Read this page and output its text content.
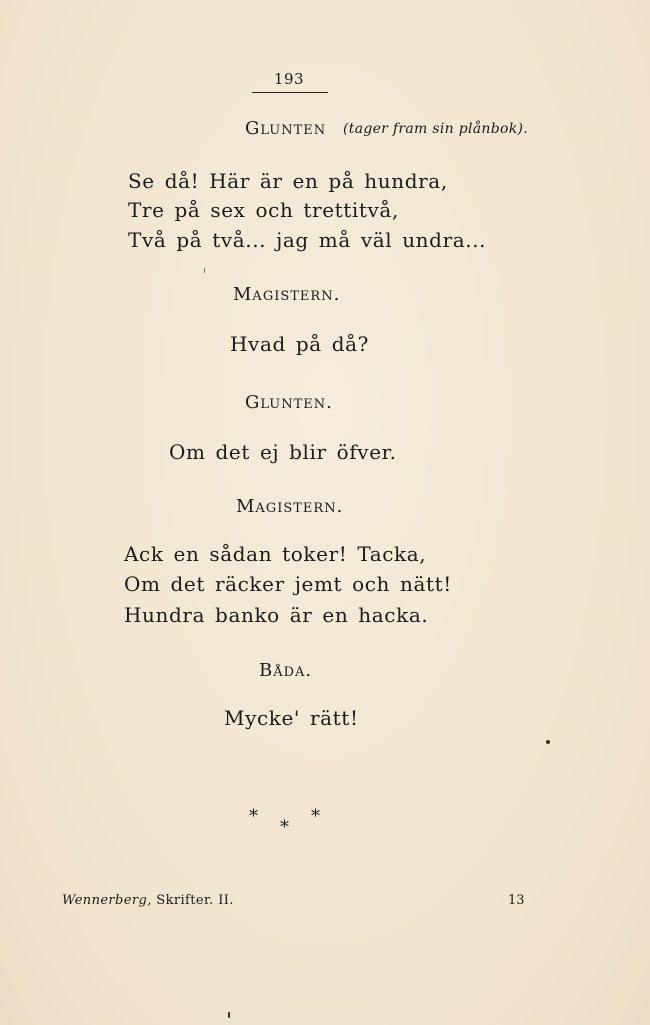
193
Glunten (tager fram sin plånbok).
Se då! Här är en på hundra,
Tre på sex och trettitvå,
Två på två... jag må väl undra...
Magistern.
Hvad på då?
Glunten.
Om det ej blir öfver.
Magistern.
Ack en sådan toker! Tacka,
Om det räcker jemt och nätt!
Hundra banko är en hacka.
Båda.
Mycke' rätt!
*	*
*
Wennerberg, Skrifter. II.	13
